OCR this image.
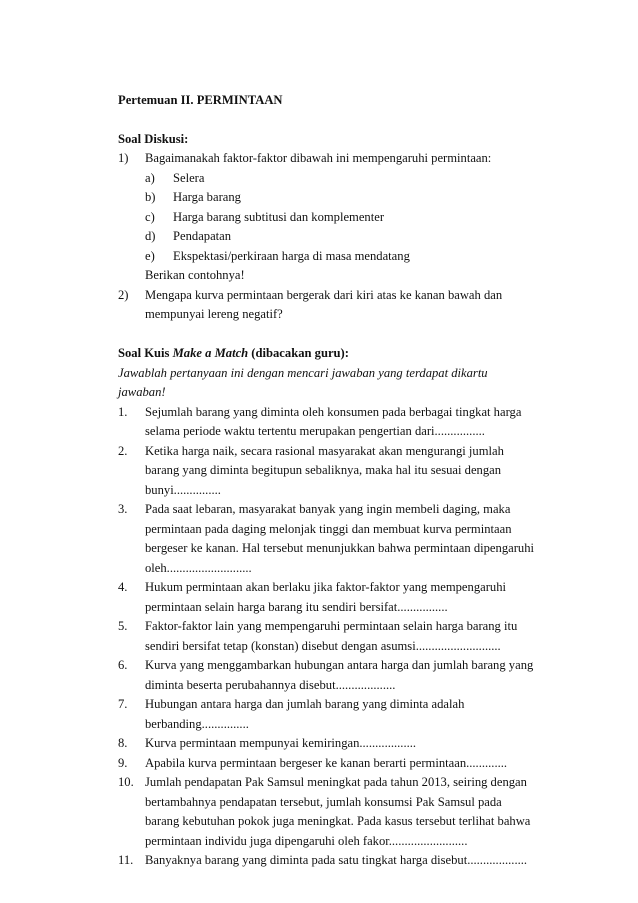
Pertemuan II. PERMINTAAN
Soal Diskusi:
1) Bagaimanakah faktor-faktor dibawah ini mempengaruhi permintaan:
a) Selera
b) Harga barang
c) Harga barang subtitusi dan komplementer
d) Pendapatan
e) Ekspektasi/perkiraan harga di masa mendatang
Berikan contohnya!
2) Mengapa kurva permintaan bergerak dari kiri atas ke kanan bawah dan
mempunyai lereng negatif?
Soal Kuis Make a Match (dibacakan guru):
Jawablah pertanyaan ini dengan mencari jawaban yang terdapat dikartu
jawaban!
1. Sejumlah barang yang diminta oleh konsumen pada berbagai tingkat harga
selama periode waktu tertentu merupakan pengertian dari................
2. Ketika harga naik, secara rasional masyarakat akan mengurangi jumlah
barang yang diminta begitupun sebaliknya, maka hal itu sesuai dengan
bunyi...............
3. Pada saat lebaran, masyarakat banyak yang ingin membeli daging, maka
permintaan pada daging melonjak tinggi dan membuat kurva permintaan
bergeser ke kanan. Hal tersebut menunjukkan bahwa permintaan dipengaruhi
oleh...........................
4. Hukum permintaan akan berlaku jika faktor-faktor yang mempengaruhi
permintaan selain harga barang itu sendiri bersifat................
5. Faktor-faktor lain yang mempengaruhi permintaan selain harga barang itu
sendiri bersifat tetap (konstan) disebut dengan asumsi...........................
6. Kurva yang menggambarkan hubungan antara harga dan jumlah barang yang
diminta beserta perubahannya disebut...................
7. Hubungan antara harga dan jumlah barang yang diminta adalah
berbanding...............
8. Kurva permintaan mempunyai kemiringan..................
9. Apabila kurva permintaan bergeser ke kanan berarti permintaan.............
10. Jumlah pendapatan Pak Samsul meningkat pada tahun 2013, seiring dengan
bertambahnya pendapatan tersebut, jumlah konsumsi Pak Samsul pada
barang kebutuhan pokok juga meningkat. Pada kasus tersebut terlihat bahwa
permintaan individu juga dipengaruhi oleh fakor.........................
11. Banyaknya barang yang diminta pada satu tingkat harga disebut...................
